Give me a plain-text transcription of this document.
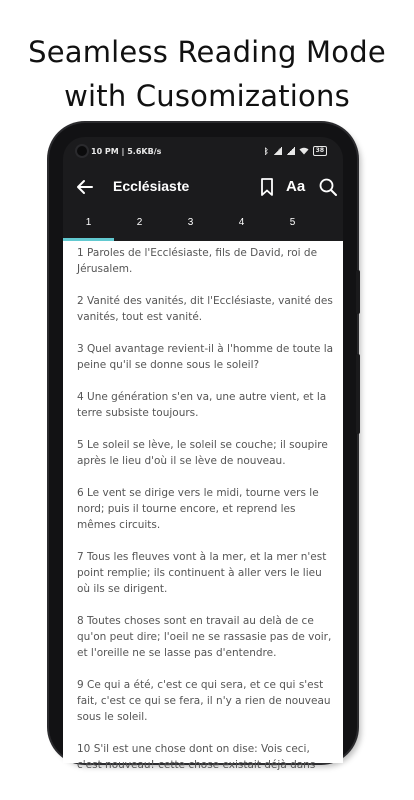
Seamless Reading Mode
with Cusomizations
10 PM | 5.6KB/s	ᛒ	38
Ecclésiaste	Aa
1	2	3	4	5

1 Paroles de l'Ecclésiaste, fils de David, roi de Jérusalem.

2 Vanité des vanités, dit l'Ecclésiaste, vanité des vanités, tout est vanité.

3 Quel avantage revient-il à l'homme de toute la peine qu'il se donne sous le soleil?

4 Une génération s'en va, une autre vient, et la terre subsiste toujours.

5 Le soleil se lève, le soleil se couche; il soupire après le lieu d'où il se lève de nouveau.

6 Le vent se dirige vers le midi, tourne vers le nord; puis il tourne encore, et reprend les mêmes circuits.

7 Tous les fleuves vont à la mer, et la mer n'est point remplie; ils continuent à aller vers le lieu où ils se dirigent.

8 Toutes choses sont en travail au delà de ce qu'on peut dire; l'oeil ne se rassasie pas de voir, et l'oreille ne se lasse pas d'entendre.

9 Ce qui a été, c'est ce qui sera, et ce qui s'est fait, c'est ce qui se fera, il n'y a rien de nouveau sous le soleil.

10 S'il est une chose dont on dise: Vois ceci, c'est nouveau! cette chose existait déjà dans
